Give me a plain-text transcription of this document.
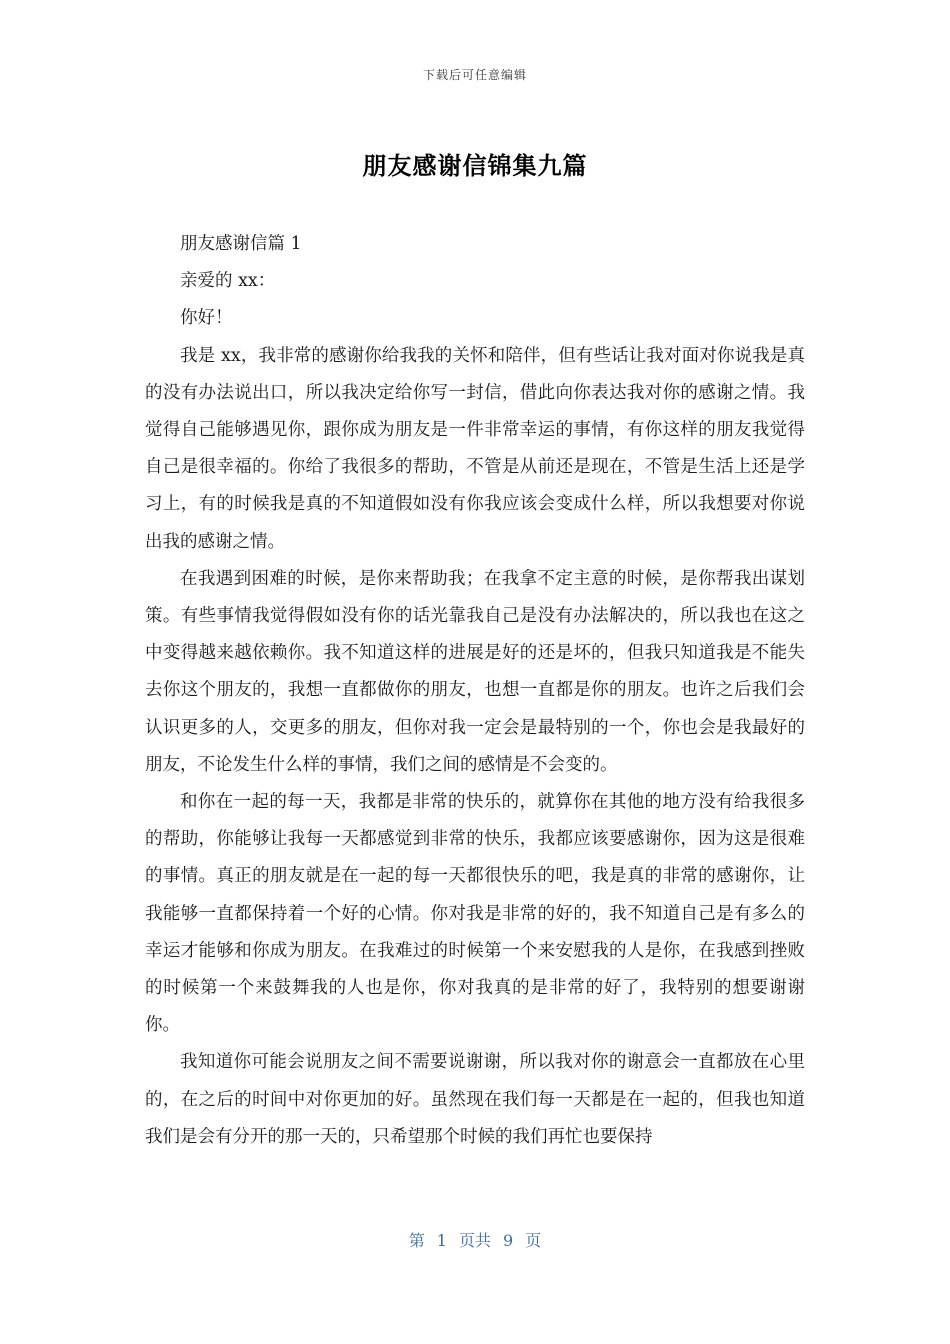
下载后可任意编辑
朋友感谢信锦集九篇

朋友感谢信篇 1

亲爱的 xx：

你好！

我是 xx，我非常的感谢你给我我的关怀和陪伴，但有些话让我对面对你说我是真的没有办法说出口，所以我决定给你写一封信，借此向你表达我对你的感谢之情。我觉得自己能够遇见你，跟你成为朋友是一件非常幸运的事情，有你这样的朋友我觉得自己是很幸福的。你给了我很多的帮助，不管是从前还是现在，不管是生活上还是学习上，有的时候我是真的不知道假如没有你我应该会变成什么样，所以我想要对你说出我的感谢之情。

在我遇到困难的时候，是你来帮助我；在我拿不定主意的时候，是你帮我出谋划策。有些事情我觉得假如没有你的话光靠我自己是没有办法解决的，所以我也在这之中变得越来越依赖你。我不知道这样的进展是好的还是坏的，但我只知道我是不能失去你这个朋友的，我想一直都做你的朋友，也想一直都是你的朋友。也许之后我们会认识更多的人，交更多的朋友，但你对我一定会是最特别的一个，你也会是我最好的朋友，不论发生什么样的事情，我们之间的感情是不会变的。

和你在一起的每一天，我都是非常的快乐的，就算你在其他的地方没有给我很多的帮助，你能够让我每一天都感觉到非常的快乐，我都应该要感谢你，因为这是很难的事情。真正的朋友就是在一起的每一天都很快乐的吧，我是真的非常的感谢你，让我能够一直都保持着一个好的心情。你对我是非常的好的，我不知道自己是有多么的幸运才能够和你成为朋友。在我难过的时候第一个来安慰我的人是你，在我感到挫败的时候第一个来鼓舞我的人也是你，你对我真的是非常的好了，我特别的想要谢谢你。

我知道你可能会说朋友之间不需要说谢谢，所以我对你的谢意会一直都放在心里的，在之后的时间中对你更加的好。虽然现在我们每一天都是在一起的，但我也知道我们是会有分开的那一天的，只希望那个时候的我们再忙也要保持

第 1 页共 9 页
